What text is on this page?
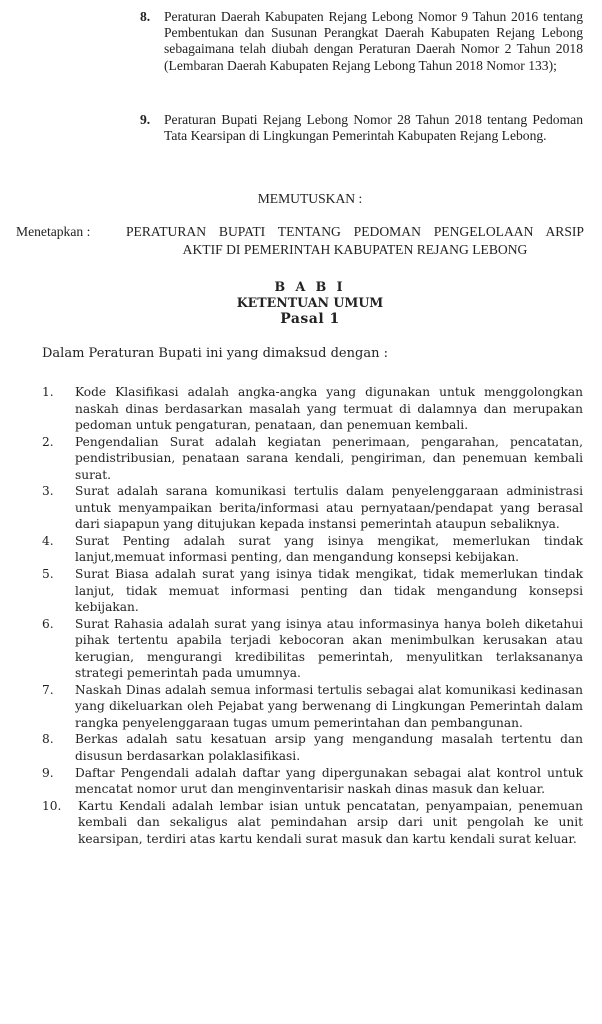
8. Peraturan Daerah Kabupaten Rejang Lebong Nomor 9 Tahun 2016 tentang Pembentukan dan Susunan Perangkat Daerah Kabupaten Rejang Lebong sebagaimana telah diubah dengan Peraturan Daerah Nomor 2 Tahun 2018 (Lembaran Daerah Kabupaten Rejang Lebong Tahun 2018 Nomor 133);
9. Peraturan Bupati Rejang Lebong Nomor 28 Tahun 2018 tentang Pedoman Tata Kearsipan di Lingkungan Pemerintah Kabupaten Rejang Lebong.
MEMUTUSKAN :
Menetapkan :	PERATURAN BUPATI TENTANG PEDOMAN PENGELOLAAN ARSIP
AKTIF DI PEMERINTAH KABUPATEN REJANG LEBONG
B A B I
KETENTUAN UMUM
Pasal 1
Dalam Peraturan Bupati ini yang dimaksud dengan :
1.	Kode Klasifikasi adalah angka-angka yang digunakan untuk menggolongkan naskah dinas berdasarkan masalah yang termuat di dalamnya dan merupakan pedoman untuk pengaturan, penataan, dan penemuan kembali.
2.	Pengendalian Surat adalah kegiatan penerimaan, pengarahan, pencatatan, pendistribusian, penataan sarana kendali, pengiriman, dan penemuan kembali surat.
3.	Surat adalah sarana komunikasi tertulis dalam penyelenggaraan administrasi untuk menyampaikan berita/informasi atau pernyataan/pendapat yang berasal dari siapapun yang ditujukan kepada instansi pemerintah ataupun sebaliknya.
4.	Surat Penting adalah surat yang isinya mengikat, memerlukan tindak lanjut,memuat informasi penting, dan mengandung konsepsi kebijakan.
5.	Surat Biasa adalah surat yang isinya tidak mengikat, tidak memerlukan tindak lanjut, tidak memuat informasi penting dan tidak mengandung konsepsi kebijakan.
6.	Surat Rahasia adalah surat yang isinya atau informasinya hanya boleh diketahui pihak tertentu apabila terjadi kebocoran akan menimbulkan kerusakan atau kerugian, mengurangi kredibilitas pemerintah, menyulitkan terlaksananya strategi pemerintah pada umumnya.
7.	Naskah Dinas adalah semua informasi tertulis sebagai alat komunikasi kedinasan yang dikeluarkan oleh Pejabat yang berwenang di Lingkungan Pemerintah dalam rangka penyelenggaraan tugas umum pemerintahan dan pembangunan.
8.	Berkas adalah satu kesatuan arsip yang mengandung masalah tertentu dan disusun berdasarkan polaklasifikasi.
9.	Daftar Pengendali adalah daftar yang dipergunakan sebagai alat kontrol untuk mencatat nomor urut dan menginventarisir naskah dinas masuk dan keluar.
10.	Kartu Kendali adalah lembar isian untuk pencatatan, penyampaian, penemuan kembali dan sekaligus alat pemindahan arsip dari unit pengolah ke unit kearsipan, terdiri atas kartu kendali surat masuk dan kartu kendali surat keluar.
